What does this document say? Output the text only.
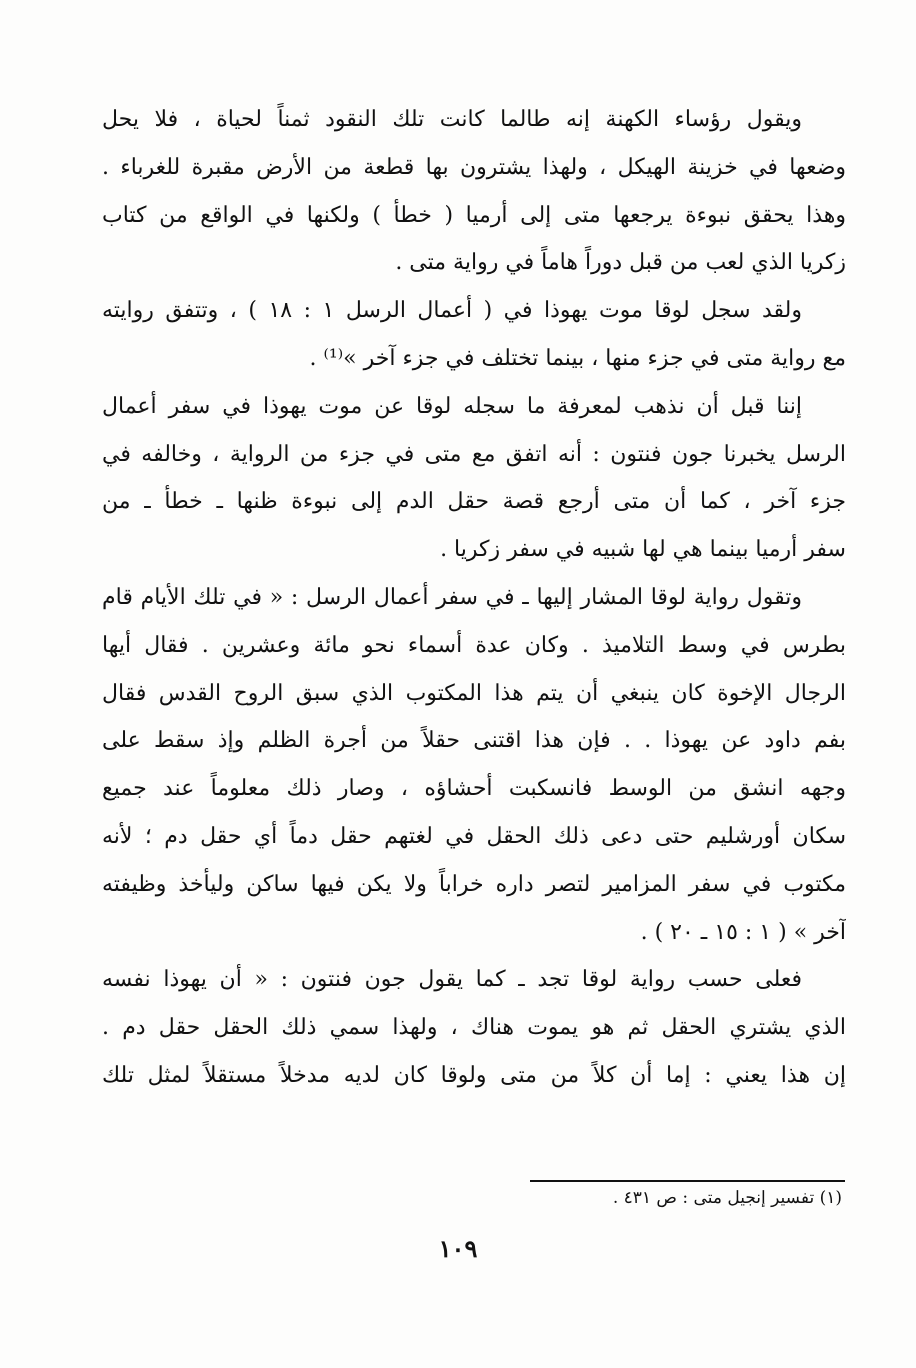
ويقول رؤساء الكهنة إنه طالما كانت تلك النقود ثمناً لحياة ، فلا يحل
وضعها في خزينة الهيكل ، ولهذا يشترون بها قطعة من الأرض مقبرة للغرباء .
وهذا يحقق نبوءة يرجعها متى إلى أرميا ( خطأ ) ولكنها في الواقع من كتاب
زكريا الذي لعب من قبل دوراً هاماً في رواية متى .
ولقد سجل لوقا موت يهوذا في ( أعمال الرسل ١ : ١٨ ) ، وتتفق روايته
مع رواية متى في جزء منها ، بينما تختلف في جزء آخر »⁽¹⁾ .
إننا قبل أن نذهب لمعرفة ما سجله لوقا عن موت يهوذا في سفر أعمال
الرسل يخبرنا جون فنتون : أنه اتفق مع متى في جزء من الرواية ، وخالفه في
جزء آخر ، كما أن متى أرجع قصة حقل الدم إلى نبوءة ظنها ـ خطأ ـ من
سفر أرميا بينما هي لها شبيه في سفر زكريا .
وتقول رواية لوقا المشار إليها ـ في سفر أعمال الرسل : « في تلك الأيام قام
بطرس في وسط التلاميذ . وكان عدة أسماء نحو مائة وعشرين . فقال أيها
الرجال الإخوة كان ينبغي أن يتم هذا المكتوب الذي سبق الروح القدس فقال
بفم داود عن يهوذا . . فإن هذا اقتنى حقلاً من أجرة الظلم وإذ سقط على
وجهه انشق من الوسط فانسكبت أحشاؤه ، وصار ذلك معلوماً عند جميع
سكان أورشليم حتى دعى ذلك الحقل في لغتهم حقل دماً أي حقل دم ؛ لأنه
مكتوب في سفر المزامير لتصر داره خراباً ولا يكن فيها ساكن وليأخذ وظيفته
آخر » ( ١ : ١٥ ـ ٢٠ ) .
فعلى حسب رواية لوقا تجد ـ كما يقول جون فنتون : « أن يهوذا نفسه
الذي يشتري الحقل ثم هو يموت هناك ، ولهذا سمي ذلك الحقل حقل دم .
إن هذا يعني : إما أن كلاً من متى ولوقا كان لديه مدخلاً مستقلاً لمثل تلك
(١) تفسير إنجيل متى : ص ٤٣١ .
١٠٩
